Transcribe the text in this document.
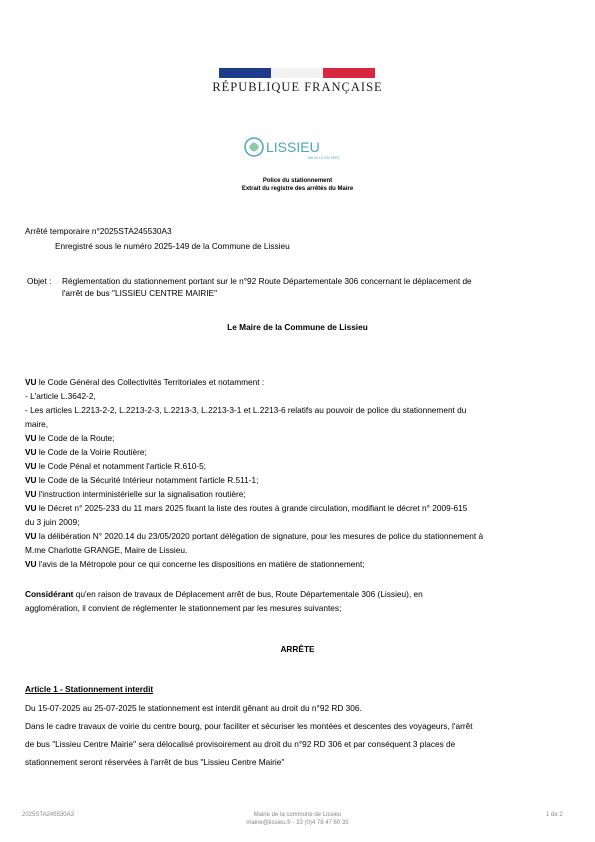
RÉPUBLIQUE FRANÇAISE
LISSIEU
MA VILLE EN VERT
Police du stationnement
Extrait du registre des arrêtés du Maire
Arrêté temporaire n°2025STA245530A3
Enregistré sous le numéro 2025-149 de la Commune de Lissieu
Objet : Réglementation du stationnement portant sur le n°92 Route Départementale 306 concernant le déplacement de
l'arrêt de bus "LISSIEU CENTRE MAIRIE"
Le Maire de la Commune de Lissieu
VU le Code Général des Collectivités Territoriales et notamment :
- L'article L.3642-2,
- Les articles L.2213-2-2, L.2213-2-3, L.2213-3, L.2213-3-1 et L.2213-6 relatifs au pouvoir de police du stationnement du
maire,
VU le Code de la Route;
VU le Code de la Voirie Routière;
VU le Code Pénal et notamment l'article R.610-5;
VU le Code de la Sécurité Intérieur notamment l'article R.511-1;
VU l'instruction interministérielle sur la signalisation routière;
VU le Décret n° 2025-233 du 11 mars 2025 fixant la liste des routes à grande circulation, modifiant le décret n° 2009-615
du 3 juin 2009;
VU la délibération N° 2020.14 du 23/05/2020 portant délégation de signature, pour les mesures de police du stationnement à
M.me Charlotte GRANGE, Maire de Lissieu.
VU l'avis de la Métropole pour ce qui concerne les dispositions en matière de stationnement;
Considérant qu'en raison de travaux de Déplacement arrêt de bus, Route Départementale 306 (Lissieu), en
agglomération, il convient de réglementer le stationnement par les mesures suivantes;
ARRÊTE
Article 1 - Stationnement interdit
Du 15-07-2025 au 25-07-2025 le stationnement est interdit gênant au droit du n°92 RD 306.
Dans le cadre travaux de voirie du centre bourg, pour faciliter et sécuriser les montées et descentes des voyageurs, l'arrêt
de bus "Lissieu Centre Mairie" sera délocalisé provisoirement au droit du n°92 RD 306 et par conséquent 3 places de
stationnement seront réservées à l'arrêt de bus "Lissieu Centre Mairie"
2025STA245530A3	Mairie de la commune de Lissieu
mairie@lissieu.fr - 33 (0)4 78 47 60 35
1 de 2
